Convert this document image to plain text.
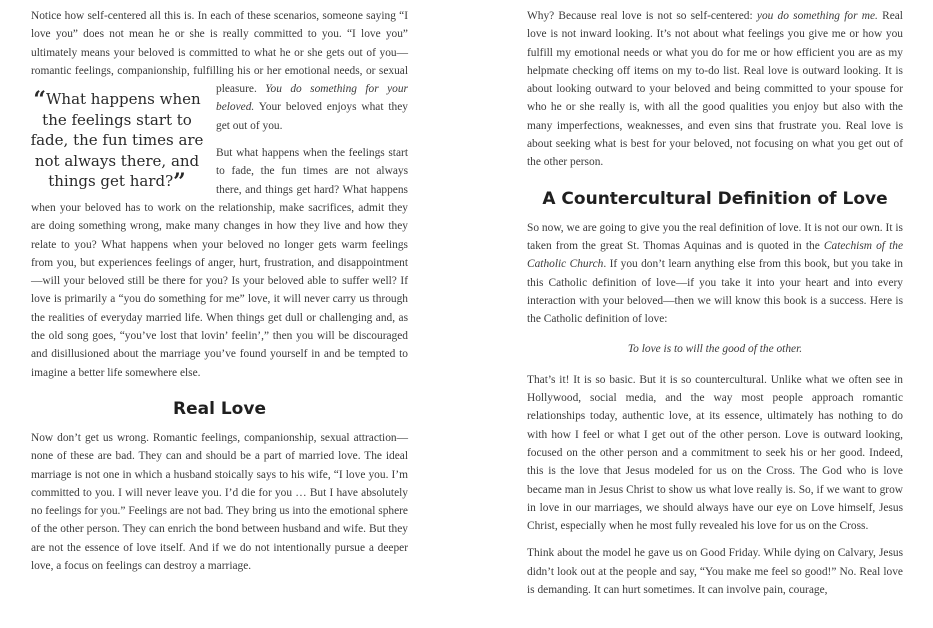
Notice how self-centered all this is. In each of these scenarios, someone saying “I love you” does not mean he or she is really committed to you. “I love you” ultimately means your beloved is committed to what he or she gets out of you—romantic feelings, companionship, fulfilling his or her
“What happens when the feelings start to fade, the fun times are not always there, and things get hard?”
emotional needs, or sexual pleasure. You do something for your beloved. Your beloved enjoys what they get out of you.

But what happens when the feelings start to fade, the fun times are not always there, and things get hard? What happens when your beloved has to work on the relationship, make sacrifices, admit they are doing something wrong, make many changes in how they live and how they relate to you? What happens when your beloved no longer gets warm feelings from you, but experiences feelings of anger, hurt, frustration, and disappointment—will your beloved still be there for you? Is your beloved able to suffer well? If love is primarily a “you do something for me” love, it will never carry us through the realities of everyday married life. When things get dull or challenging and, as the old song goes, “you’ve lost that lovin’ feelin’,” then you will be discouraged and disillusioned about the marriage you’ve found yourself in and be tempted to imagine a better life somewhere else.

Real Love

Now don’t get us wrong. Romantic feelings, companionship, sexual attraction—none of these are bad. They can and should be a part of married love. The ideal marriage is not one in which a husband stoically says to his wife, “I love you. I’m committed to you. I will never leave you. I’d die for you … But I have absolutely no feelings for you.” Feelings are not bad. They bring us into the emotional sphere of the other person. They can enrich the bond between husband and wife. But they are not the essence of love itself. And if we do not intentionally pursue a deeper love, a focus on feelings can destroy a marriage.

Why? Because real love is not so self-centered: you do something for me. Real love is not inward looking. It’s not about what feelings you give me or how you fulfill my emotional needs or what you do for me or how efficient you are as my helpmate checking off items on my to-do list. Real love is outward looking. It is about looking outward to your beloved and being committed to your spouse for who he or she really is, with all the good qualities you enjoy but also with the many imperfections, weaknesses, and even sins that frustrate you. Real love is about seeking what is best for your beloved, not focusing on what you get out of the other person.

A Countercultural Definition of Love

So now, we are going to give you the real definition of love. It is not our own. It is taken from the great St. Thomas Aquinas and is quoted in the Catechism of the Catholic Church. If you don’t learn anything else from this book, but you take in this Catholic definition of love—if you take it into your heart and into every interaction with your beloved—then we will know this book is a success. Here is the Catholic definition of love:

To love is to will the good of the other.

That’s it! It is so basic. But it is so countercultural. Unlike what we often see in Hollywood, social media, and the way most people approach romantic relationships today, authentic love, at its essence, ultimately has nothing to do with how I feel or what I get out of the other person. Love is outward looking, focused on the other person and a commitment to seek his or her good. Indeed, this is the love that Jesus modeled for us on the Cross. The God who is love became man in Jesus Christ to show us what love really is. So, if we want to grow in love in our marriages, we should always have our eye on Love himself, Jesus Christ, especially when he most fully revealed his love for us on the Cross.

Think about the model he gave us on Good Friday. While dying on Calvary, Jesus didn’t look out at the people and say, “You make me feel so good!” No. Real love is demanding. It can hurt sometimes. It can involve pain, courage,
